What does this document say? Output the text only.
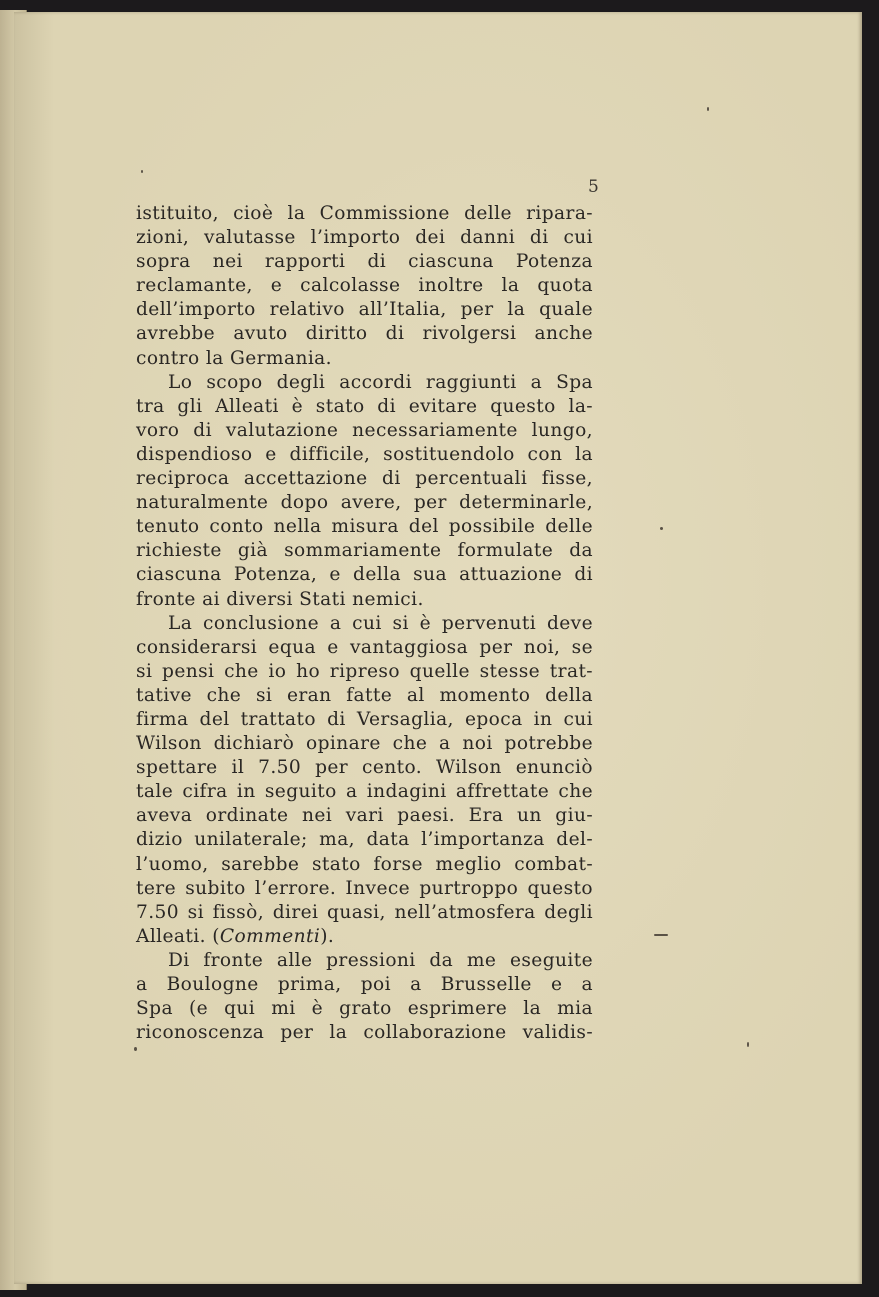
5
istituito, cioè la Commissione delle ripara-
zioni, valutasse l’importo dei danni di cui
sopra nei rapporti di ciascuna Potenza
reclamante, e calcolasse inoltre la quota
dell’importo relativo all’Italia, per la quale
avrebbe avuto diritto di rivolgersi anche
contro la Germania.
Lo scopo degli accordi raggiunti a Spa
tra gli Alleati è stato di evitare questo la-
voro di valutazione necessariamente lungo,
dispendioso e difficile, sostituendolo con la
reciproca accettazione di percentuali fisse,
naturalmente dopo avere, per determinarle,
tenuto conto nella misura del possibile delle
richieste già sommariamente formulate da
ciascuna Potenza, e della sua attuazione di
fronte ai diversi Stati nemici.
La conclusione a cui si è pervenuti deve
considerarsi equa e vantaggiosa per noi, se
si pensi che io ho ripreso quelle stesse trat-
tative che si eran fatte al momento della
firma del trattato di Versaglia, epoca in cui
Wilson dichiarò opinare che a noi potrebbe
spettare il 7.50 per cento. Wilson enunciò
tale cifra in seguito a indagini affrettate che
aveva ordinate nei vari paesi. Era un giu-
dizio unilaterale; ma, data l’importanza del-
l’uomo, sarebbe stato forse meglio combat-
tere subito l’errore. Invece purtroppo questo
7.50 si fissò, direi quasi, nell’atmosfera degli
Alleati. (Commenti).
Di fronte alle pressioni da me eseguite
a Boulogne prima, poi a Brusselle e a
Spa (e qui mi è grato esprimere la mia
riconoscenza per la collaborazione validis-
